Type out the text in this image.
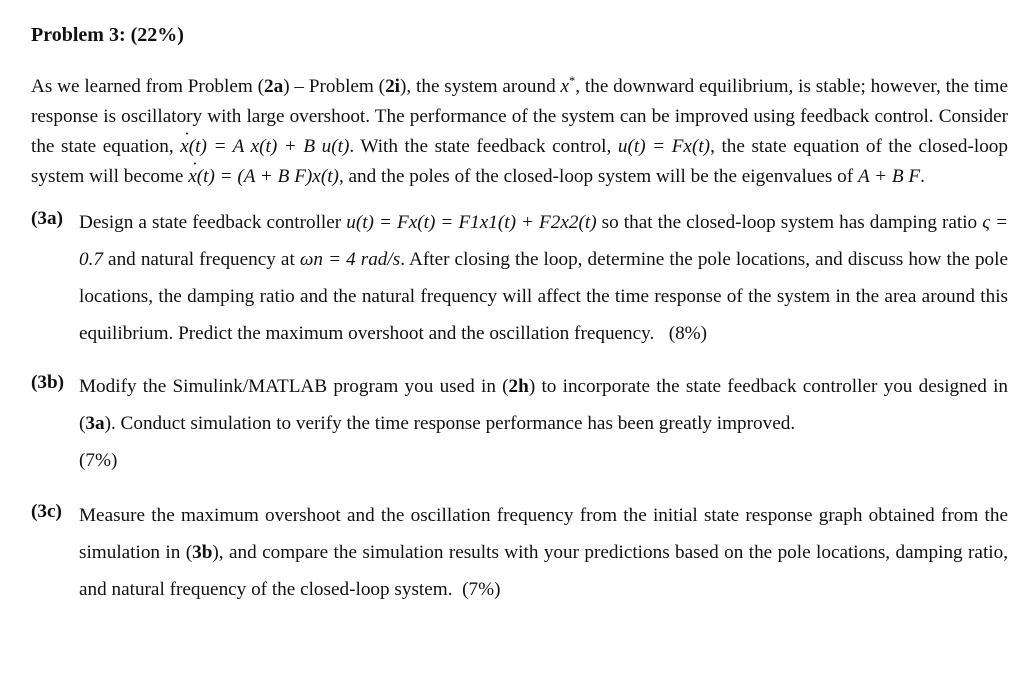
Problem 3: (22%)

As we learned from Problem (2a) – Problem (2i), the system around x*, the downward equilibrium, is stable; however, the time response is oscillatory with large overshoot. The performance of the system can be improved using feedback control. Consider the state equation, x(t) = A x(t) + B u(t) ˙. With the state feedback control, u(t) = Fx(t), the state equation of the closed-loop system will become x(t) = (A + B F)x(t) ˙, and the poles of the closed-loop system will be the eigenvalues of A + B F.

(3a) Design a state feedback controller u(t) = Fx(t) = F1x1(t) + F2x2(t) so that the closed-loop system has damping ratio ς = 0.7 and natural frequency at ωn = 4 rad/s. After closing the loop, determine the pole locations, and discuss how the pole locations, the damping ratio and the natural frequency will affect the time response of the system in the area around this equilibrium. Predict the maximum overshoot and the oscillation frequency. (8%)

(3b) Modify the Simulink/MATLAB program you used in (2h) to incorporate the state feedback controller you designed in (3a). Conduct simulation to verify the time response performance has been greatly improved.
(7%)

(3c) Measure the maximum overshoot and the oscillation frequency from the initial state response graph obtained from the simulation in (3b), and compare the simulation results with your predictions based on the pole locations, damping ratio, and natural frequency of the closed-loop system. (7%)
